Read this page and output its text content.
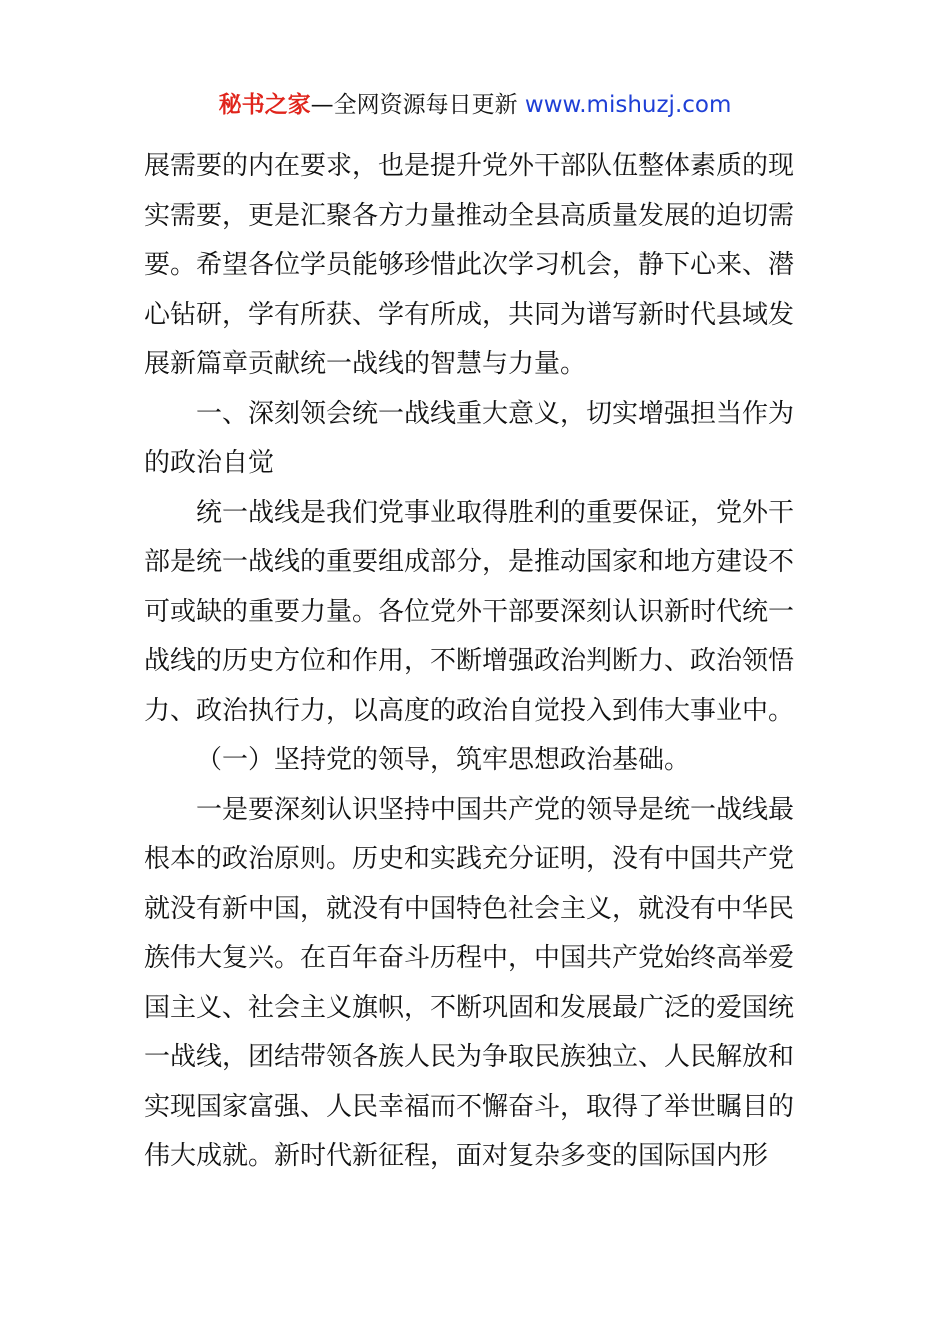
秘书之家—全网资源每日更新 www.mishuzj.com
展需要的内在要求，也是提升党外干部队伍整体素质的现
实需要，更是汇聚各方力量推动全县高质量发展的迫切需
要。希望各位学员能够珍惜此次学习机会，静下心来、潜
心钻研，学有所获、学有所成，共同为谱写新时代县域发
展新篇章贡献统一战线的智慧与力量。
一、深刻领会统一战线重大意义，切实增强担当作为
的政治自觉
统一战线是我们党事业取得胜利的重要保证，党外干
部是统一战线的重要组成部分，是推动国家和地方建设不
可或缺的重要力量。各位党外干部要深刻认识新时代统一
战线的历史方位和作用，不断增强政治判断力、政治领悟
力、政治执行力，以高度的政治自觉投入到伟大事业中。
（一）坚持党的领导，筑牢思想政治基础。
一是要深刻认识坚持中国共产党的领导是统一战线最
根本的政治原则。历史和实践充分证明，没有中国共产党
就没有新中国，就没有中国特色社会主义，就没有中华民
族伟大复兴。在百年奋斗历程中，中国共产党始终高举爱
国主义、社会主义旗帜，不断巩固和发展最广泛的爱国统
一战线，团结带领各族人民为争取民族独立、人民解放和
实现国家富强、人民幸福而不懈奋斗，取得了举世瞩目的
伟大成就。新时代新征程，面对复杂多变的国际国内形
